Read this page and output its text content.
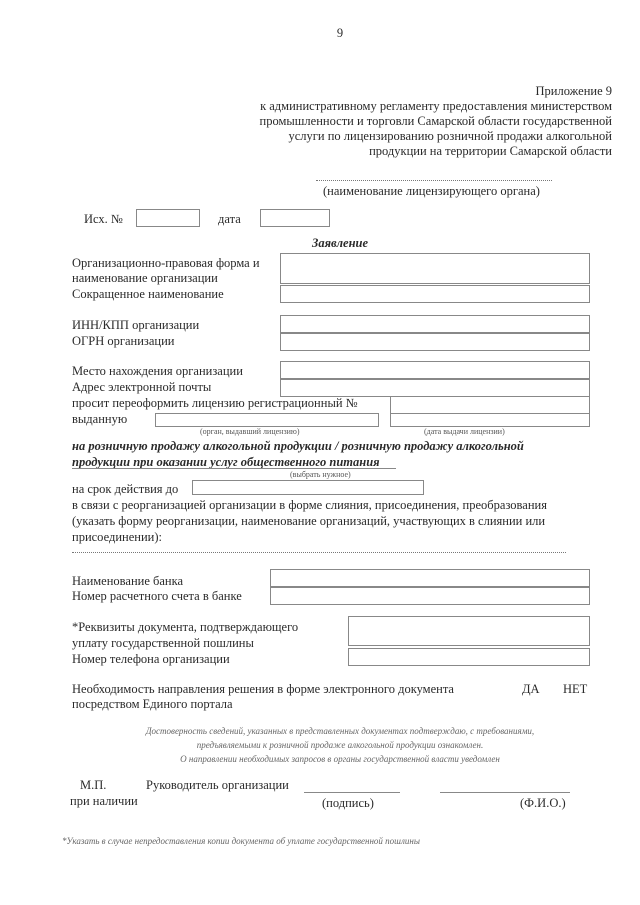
9
Приложение 9
к административному регламенту предоставления министерством
промышленности и торговли Самарской области государственной
услуги по лицензированию розничной продажи алкогольной
продукции на территории Самарской области
(наименование лицензирующего органа)
Исх. №	дата
Заявление
Организационно-правовая форма и
наименование организации
Сокращенное наименование
ИНН/КПП организации
ОГРН организации
Место нахождения организации
Адрес электронной почты
просит переоформить лицензию регистрационный №
выданную
(орган, выдавший лицензию)	(дата выдачи лицензии)
на розничную продажу алкогольной продукции / розничную продажу алкогольной
продукции при оказании услуг общественного питания
(выбрать нужное)
на срок действия до
в связи с реорганизацией организации в форме слияния, присоединения, преобразования
(указать форму реорганизации, наименование организаций, участвующих в слиянии или
присоединении):
Наименование банка
Номер расчетного счета в банке
*Реквизиты документа, подтверждающего
уплату государственной пошлины
Номер телефона организации
Необходимость направления решения в форме электронного документа
посредством Единого портала
ДА НЕТ
Достоверность сведений, указанных в представленных документах подтверждаю, с требованиями,
предъявляемыми к розничной продаже алкогольной продукции ознакомлен.
О направлении необходимых запросов в органы государственной власти уведомлен
М.П.
при наличии
Руководитель организации
(подпись)	(Ф.И.О.)
*Указать в случае непредоставления копии документа об уплате государственной пошлины
